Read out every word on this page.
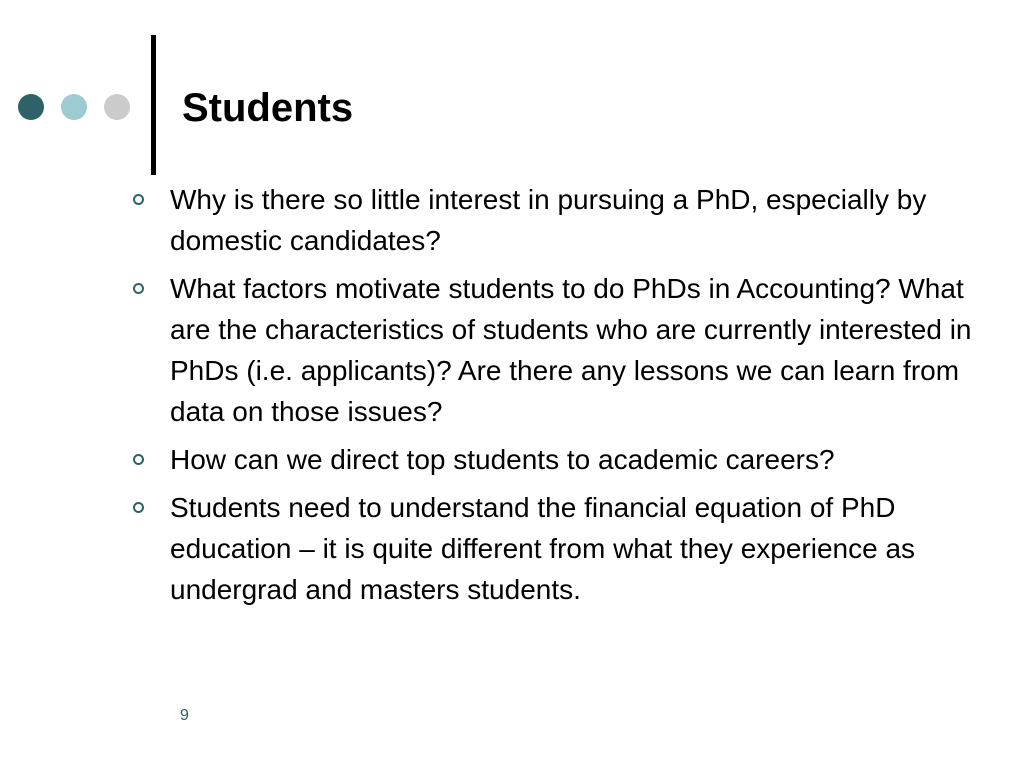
Students
Why is there so little interest in pursuing a PhD, especially by domestic candidates?
What factors motivate students to do PhDs in Accounting? What are the characteristics of students who are currently interested in PhDs (i.e. applicants)? Are there any lessons we can learn from data on those issues?
How can we direct top students to academic careers?
Students need to understand the financial equation of PhD education – it is quite different from what they experience as undergrad and masters students.
9
